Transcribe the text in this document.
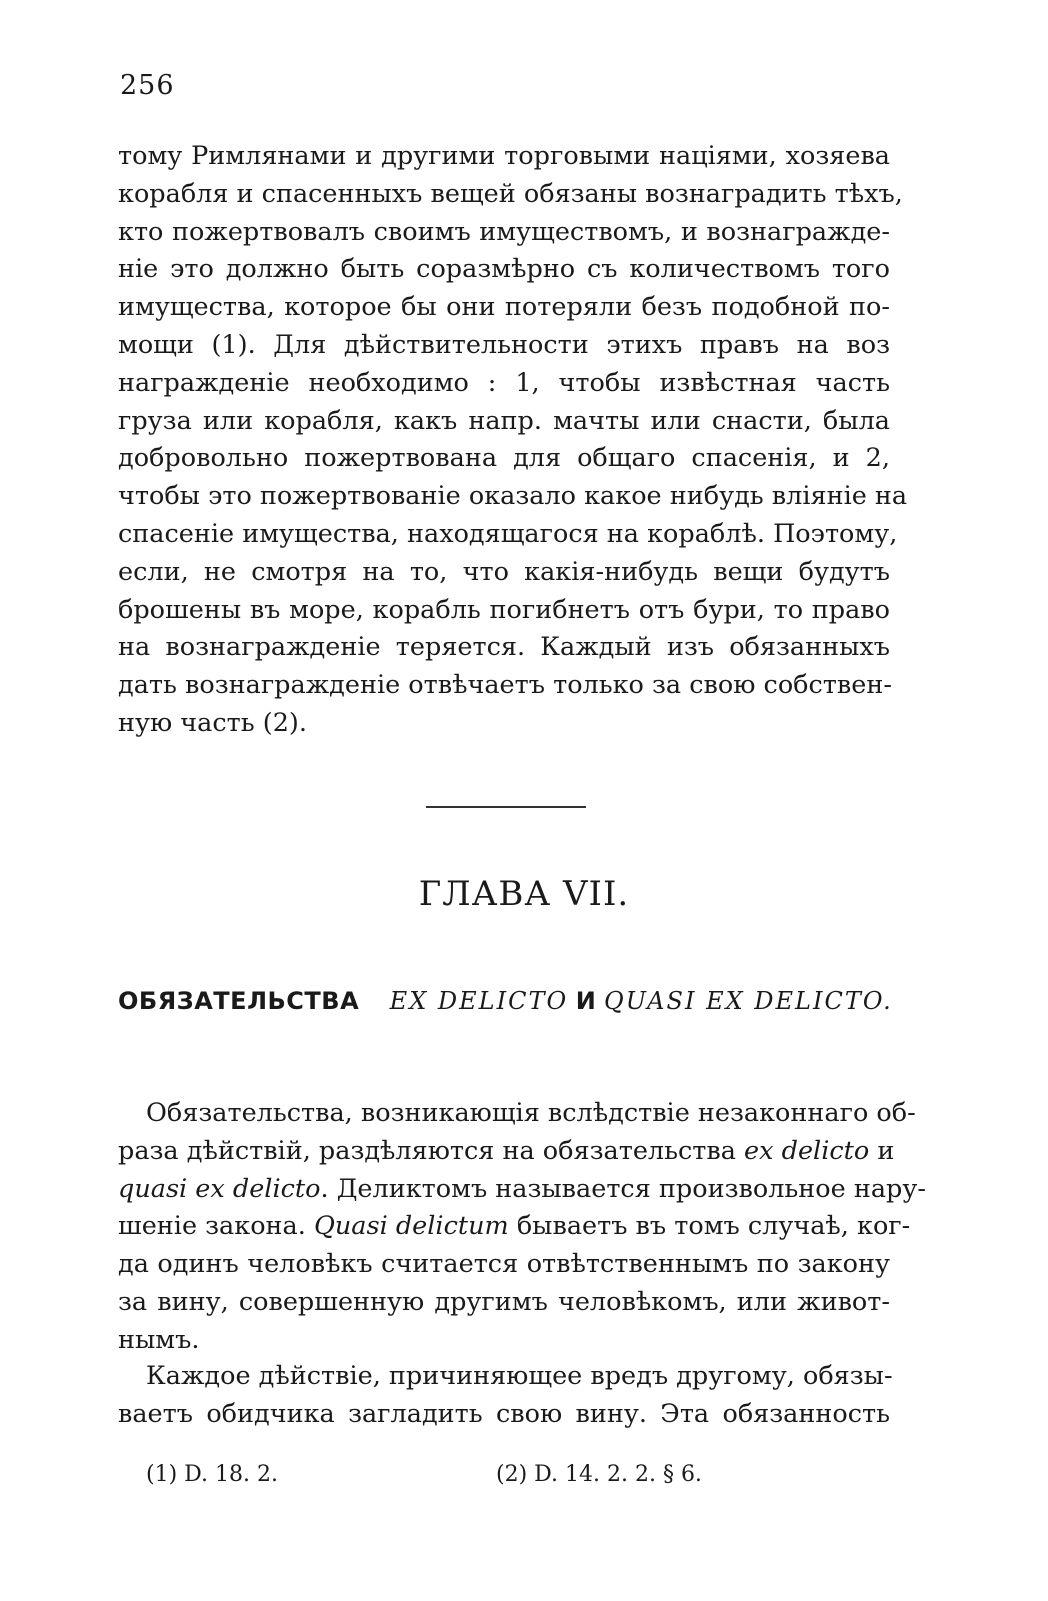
256
тому Римлянами и другими торговыми націями, хозяева
корабля и спасенныхъ вещей обязаны вознаградить тѣхъ,
кто пожертвовалъ своимъ имуществомъ, и вознагражде-
ніе это должно быть соразмѣрно съ количествомъ того
имущества, которое бы они потеряли безъ подобной по-
мощи (1). Для дѣйствительности этихъ правъ на воз
награжденіе необходимо : 1, чтобы извѣстная часть
груза или корабля, какъ напр. мачты или снасти, была
добровольно пожертвована для общаго спасенія, и 2,
чтобы это пожертвованіе оказало какое нибудь вліяніе на
спасеніе имущества, находящагося на кораблѣ. Поэтому,
если, не смотря на то, что какія-нибудь вещи будутъ
брошены въ море, корабль погибнетъ отъ бури, то право
на вознагражденіе теряется. Каждый изъ обязанныхъ
дать вознагражденіе отвѣчаетъ только за свою собствен-
ную часть (2).
ГЛАВА VII.
ОБЯЗАТЕЛЬСТВА EX DELICTO И QUASI EX DELICTO.
Обязательства, возникающія вслѣдствіе незаконнаго об-
раза дѣйствій, раздѣляются на обязательства ex delicto и
quasi ex delicto. Деликтомъ называется произвольное нару-
шеніе закона. Quasi delictum бываетъ въ томъ случаѣ, ког-
да одинъ человѣкъ считается отвѣтственнымъ по закону
за вину, совершенную другимъ человѣкомъ, или живот-
нымъ.
Каждое дѣйствіе, причиняющее вредъ другому, обязы-
ваетъ обидчика загладить свою вину. Эта обязанность
(1) D. 18. 2.	(2) D. 14. 2. 2. § 6.
